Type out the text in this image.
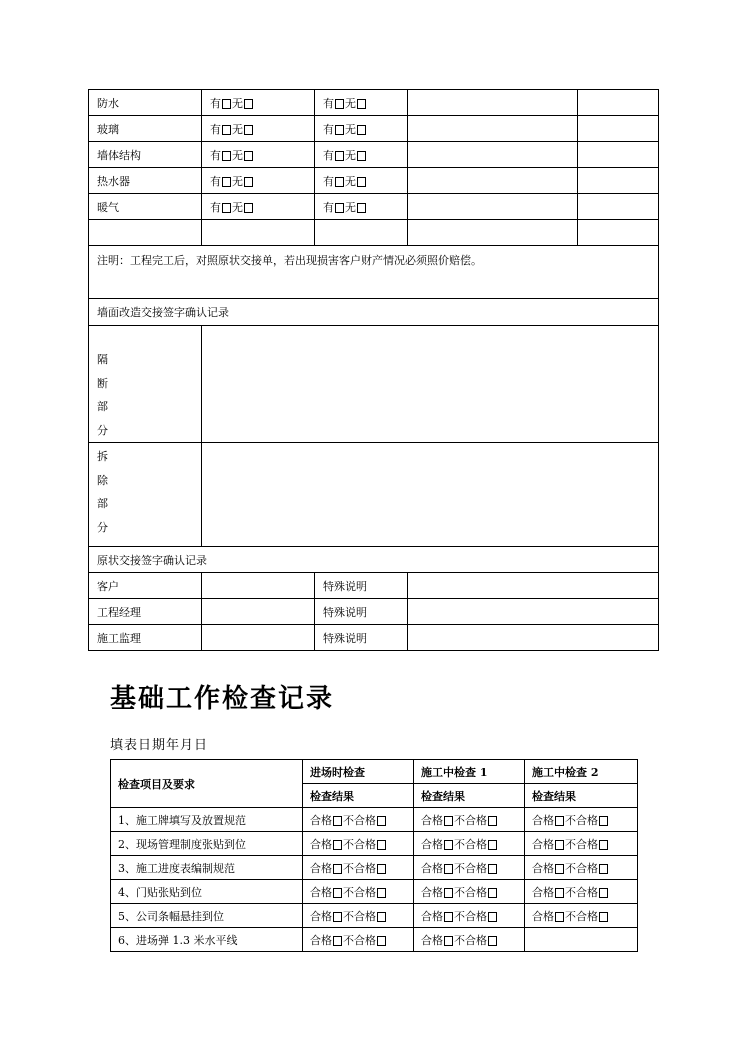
防水	有 无	有 无		
玻璃	有 无	有 无		
墙体结构	有 无	有 无		
热水器	有 无	有 无		
暖气	有 无	有 无		

注明：工程完工后，对照原状交接单，若出现损害客户财产情况必须照价赔偿。				
墙面改造交接签字确认记录				

隔
断
部
分				

拆
除
部
分				

原状交接签字确认记录				
客户		特殊说明		
工程经理		特殊说明		
施工监理		特殊说明		
基础工作检查记录
填表日期年月日
检查项目及要求	进场时检查	施工中检查 1	施工中检查 2
	检查结果	检查结果	检查结果
1、施工牌填写及放置规范	合格 不合格	合格 不合格	合格 不合格
2、现场管理制度张贴到位	合格 不合格	合格 不合格	合格 不合格
3、施工进度表编制规范	合格 不合格	合格 不合格	合格 不合格
4、门贴张贴到位	合格 不合格	合格 不合格	合格 不合格
5、公司条幅悬挂到位	合格 不合格	合格 不合格	合格 不合格
6、进场弹 1.3 米水平线	合格 不合格	合格 不合格	
